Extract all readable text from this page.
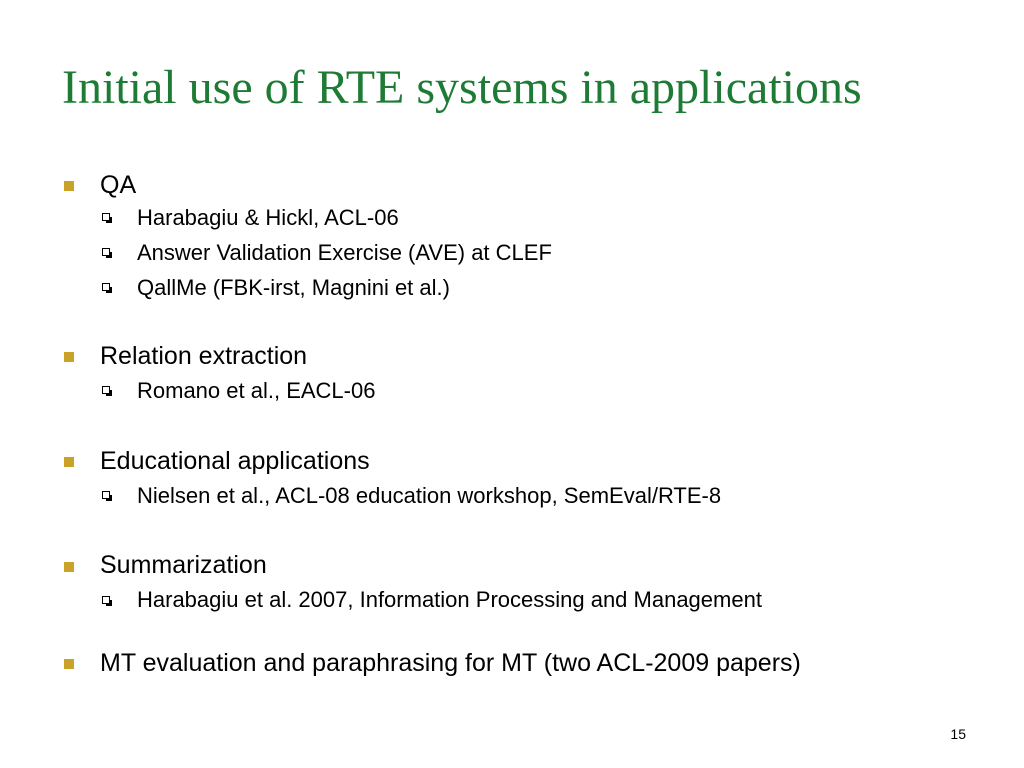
Initial use of RTE systems in applications
QA
Harabagiu & Hickl, ACL-06
Answer Validation Exercise (AVE) at CLEF
QallMe (FBK-irst, Magnini et al.)
Relation extraction
Romano et al., EACL-06
Educational applications
Nielsen et al., ACL-08 education workshop, SemEval/RTE-8
Summarization
Harabagiu et al. 2007, Information Processing and Management
MT evaluation and paraphrasing for MT (two ACL-2009 papers)
15
